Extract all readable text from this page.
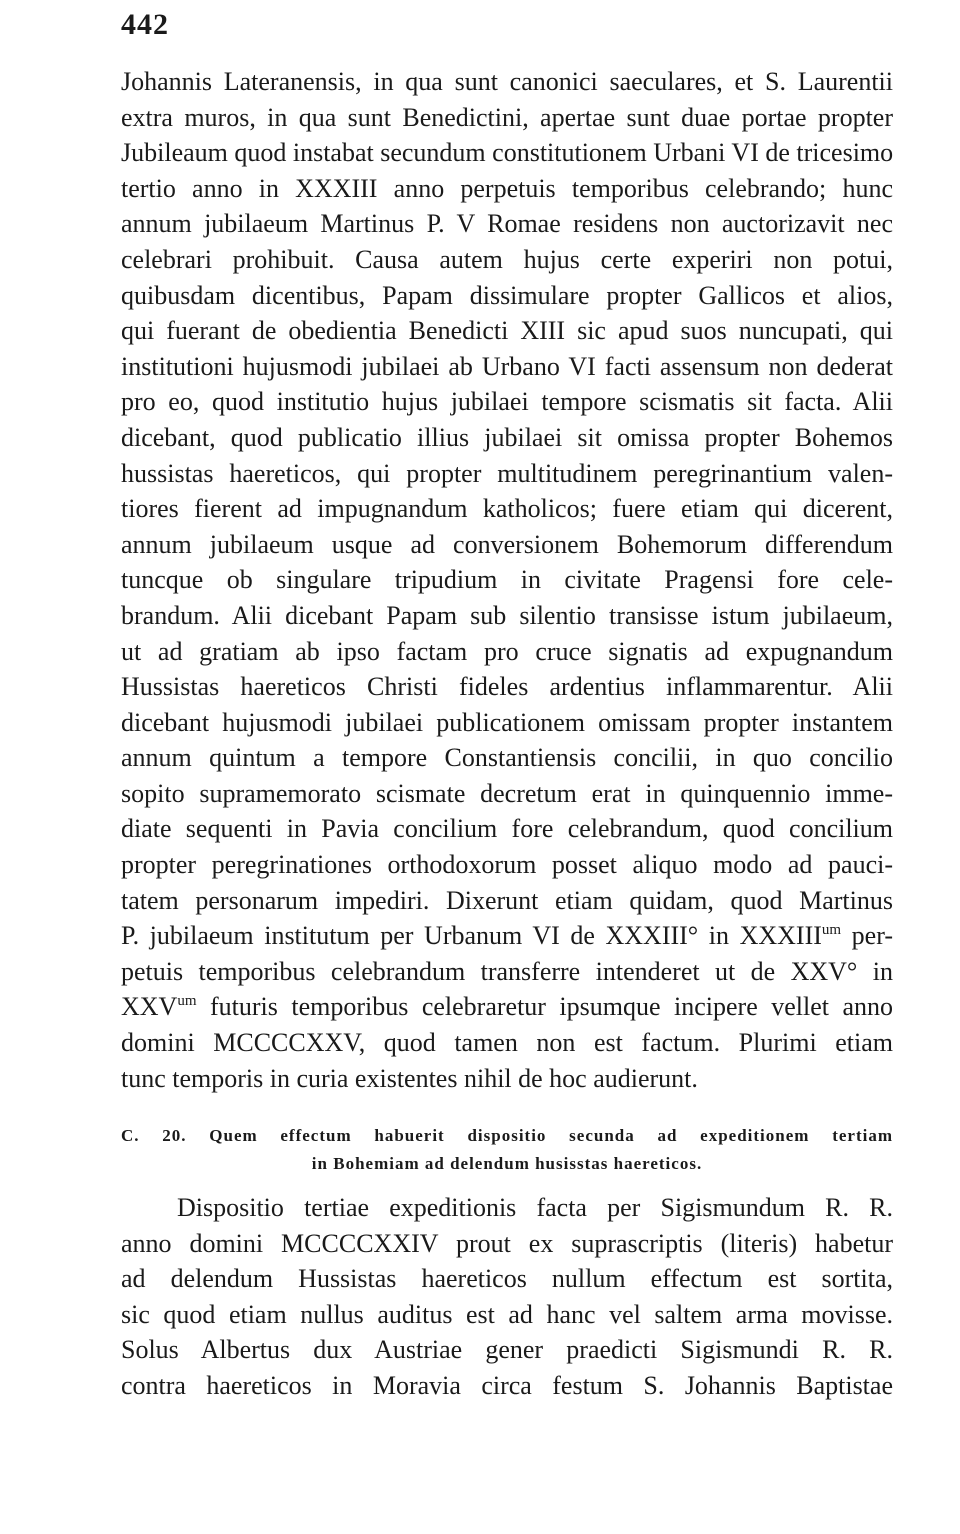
442
Johannis Lateranensis, in qua sunt canonici saeculares, et S. Laurentii
extra muros, in qua sunt Benedictini, apertae sunt duae portae propter
Jubileaum quod instabat secundum constitutionem Urbani VI de tricesimo
tertio anno in XXXIII anno perpetuis temporibus celebrando; hunc
annum jubilaeum Martinus P. V Romae residens non auctorizavit nec
celebrari prohibuit. Causa autem hujus certe experiri non potui,
quibusdam dicentibus, Papam dissimulare propter Gallicos et alios,
qui fuerant de obedientia Benedicti XIII sic apud suos nuncupati, qui
institutioni hujusmodi jubilaei ab Urbano VI facti assensum non dederat
pro eo, quod institutio hujus jubilaei tempore scismatis sit facta. Alii
dicebant, quod publicatio illius jubilaei sit omissa propter Bohemos
hussistas haereticos, qui propter multitudinem peregrinantium valen-
tiores fierent ad impugnandum katholicos; fuere etiam qui dicerent,
annum jubilaeum usque ad conversionem Bohemorum differendum
tuncque ob singulare tripudium in civitate Pragensi fore cele-
brandum. Alii dicebant Papam sub silentio transisse istum jubilaeum,
ut ad gratiam ab ipso factam pro cruce signatis ad expugnandum
Hussistas haereticos Christi fideles ardentius inflammarentur. Alii
dicebant hujusmodi jubilaei publicationem omissam propter instantem
annum quintum a tempore Constantiensis concilii, in quo concilio
sopito supramemorato scismate decretum erat in quinquennio imme-
diate sequenti in Pavia concilium fore celebrandum, quod concilium
propter peregrinationes orthodoxorum posset aliquo modo ad pauci-
tatem personarum impediri. Dixerunt etiam quidam, quod Martinus
P. jubilaeum institutum per Urbanum VI de XXXIII° in $XXXIII^{um}$ per-
petuis temporibus celebrandum transferre intenderet ut de XXV° in
$XXV^{um}$ futuris temporibus celebraretur ipsumque incipere vellet anno
domini MCCCCXXV, quod tamen non est factum. Plurimi etiam
tunc temporis in curia existentes nihil de hoc audierunt.
C. 20. Quem effectum habuerit dispositio secunda ad expeditionem tertiam
in Bohemiam ad delendum husisstas haereticos.
Dispositio tertiae expeditionis facta per Sigismundum R. R.
anno domini MCCCCXXIV prout ex suprascriptis (literis) habetur
ad delendum Hussistas haereticos nullum effectum est sortita,
sic quod etiam nullus auditus est ad hanc vel saltem arma movisse.
Solus Albertus dux Austriae gener praedicti Sigismundi R. R.
contra haereticos in Moravia circa festum S. Johannis Baptistae
